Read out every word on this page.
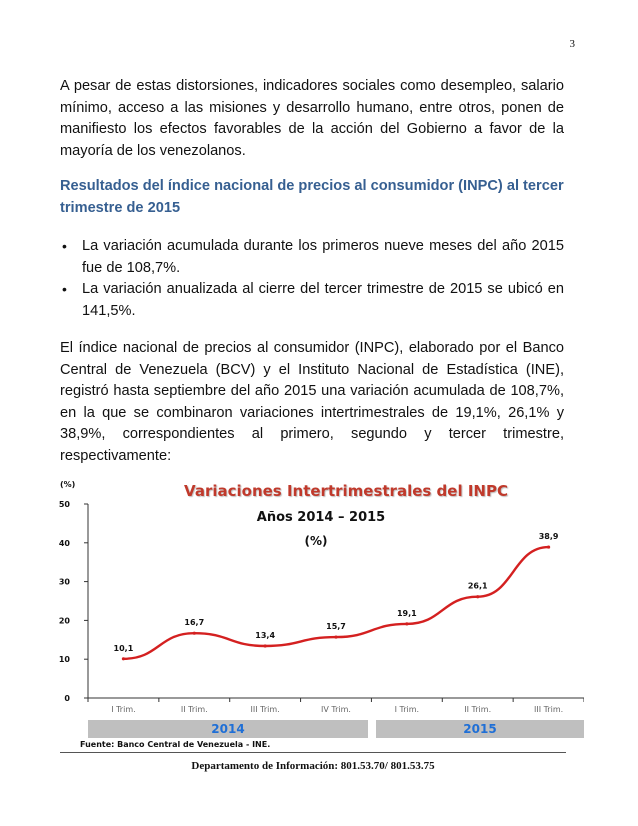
3

A pesar de estas distorsiones, indicadores sociales como desempleo, salario mínimo, acceso a las misiones y desarrollo humano, entre otros, ponen de manifiesto los efectos favorables de la acción del Gobierno a favor de la mayoría de los venezolanos.

Resultados del índice nacional de precios al consumidor (INPC) al tercer trimestre de 2015
• La variación acumulada durante los primeros nueve meses del año 2015 fue de 108,7%.
• La variación anualizada al cierre del tercer trimestre de 2015 se ubicó en 141,5%.

El índice nacional de precios al consumidor (INPC), elaborado por el Banco Central de Venezuela (BCV) y el Instituto Nacional de Estadística (INE), registró hasta septiembre del año 2015 una variación acumulada de 108,7%, en la que se combinaron variaciones intertrimestrales de 19,1%, 26,1% y 38,9%, correspondientes al primero, segundo y tercer trimestre, respectivamente:

0
10
20
30
40
50
I Trim.	II Trim.	III Trim.	IV Trim.	I Trim.	II Trim.	III Trim.
10,1
16,7
13,4
15,7
19,1
26,1
38,9
(%)	Variaciones Intertrimestrales del INPC
Años 2014 – 2015
(%)
2014	2015
Fuente: Banco Central de Venezuela - INE.
Departamento de Información: 801.53.70/ 801.53.75
